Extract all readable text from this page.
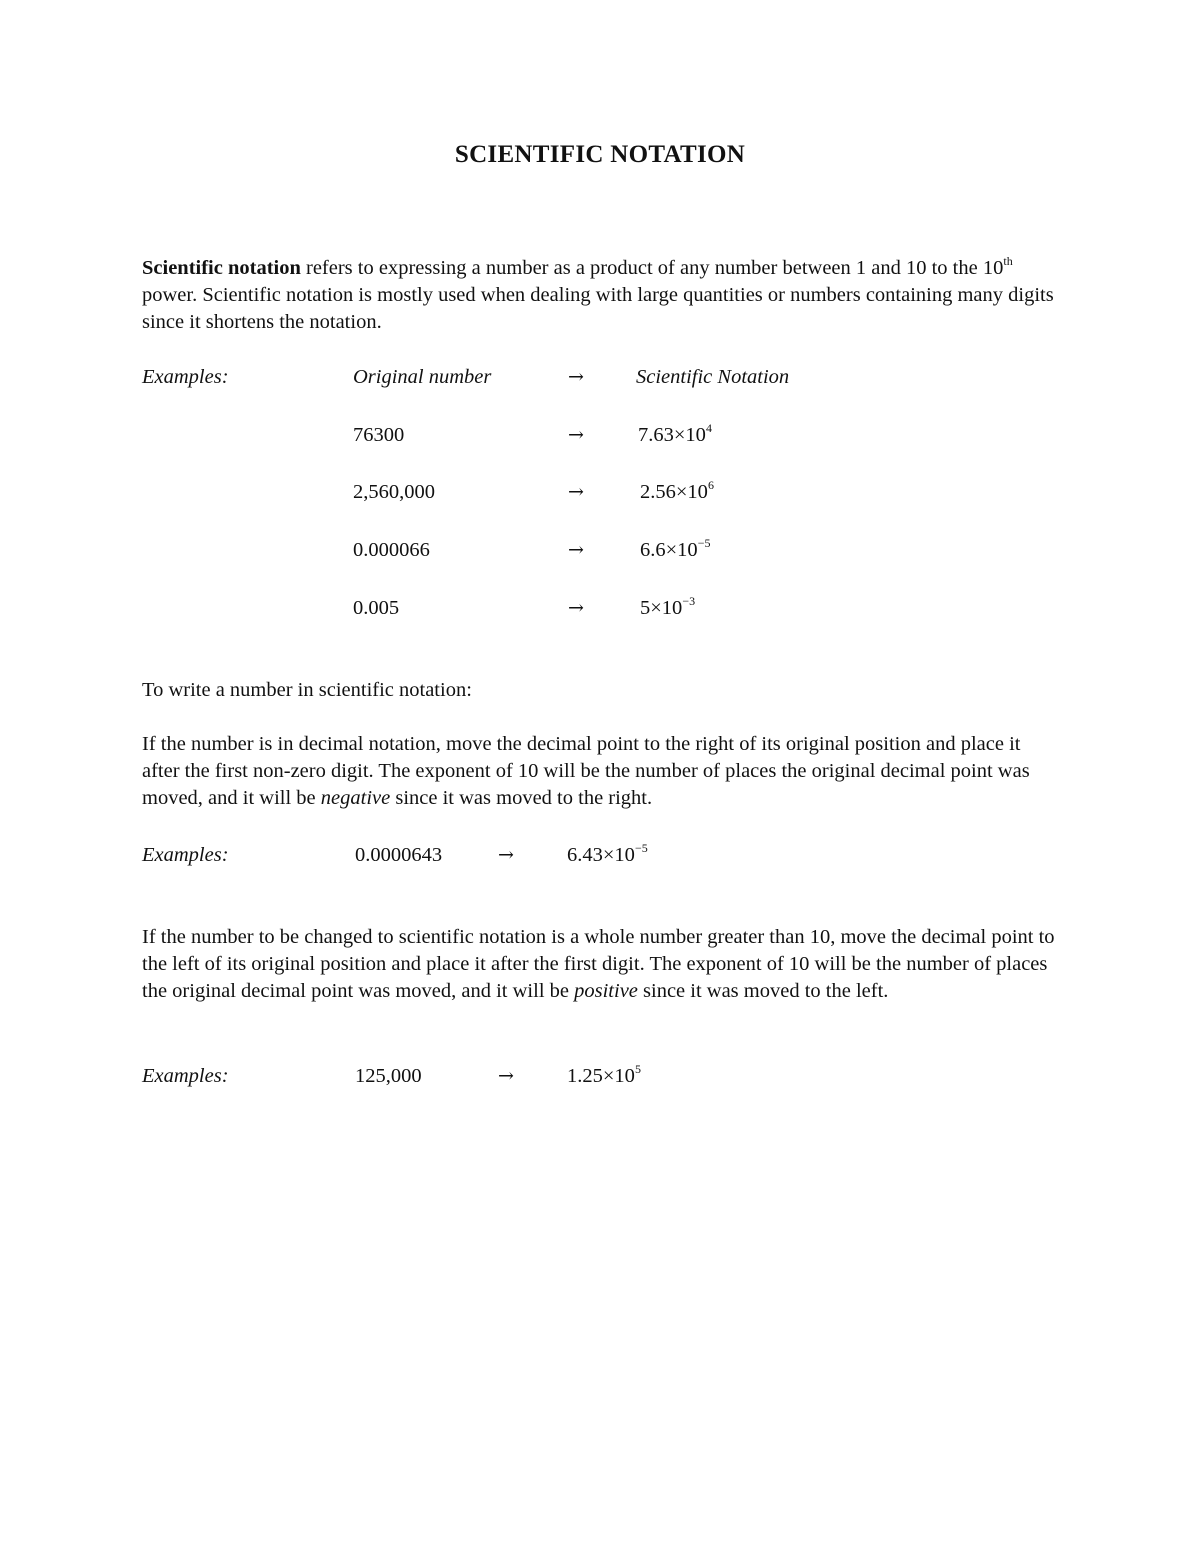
SCIENTIFIC NOTATION
Scientific notation refers to expressing a number as a product of any number between 1 and 10 to the 10th power. Scientific notation is mostly used when dealing with large quantities or numbers containing many digits since it shortens the notation.
Examples:	Original number	→	Scientific Notation
76300	→	$7.63\times 10^4$
2,560,000	→	$2.56\times 10^6$
0.000066	→	$6.6\times 10^{-5}$
0.005	→	$5\times 10^{-3}$
To write a number in scientific notation:
If the number is in decimal notation, move the decimal point to the right of its original position and place it after the first non-zero digit. The exponent of 10 will be the number of places the original decimal point was moved, and it will be negative since it was moved to the right.
Examples:	0.0000643	→	$6.43\times 10^{-5}$
If the number to be changed to scientific notation is a whole number greater than 10, move the decimal point to the left of its original position and place it after the first digit. The exponent of 10 will be the number of places the original decimal point was moved, and it will be positive since it was moved to the left.
Examples:	125,000	→	$1.25\times 10^5$
